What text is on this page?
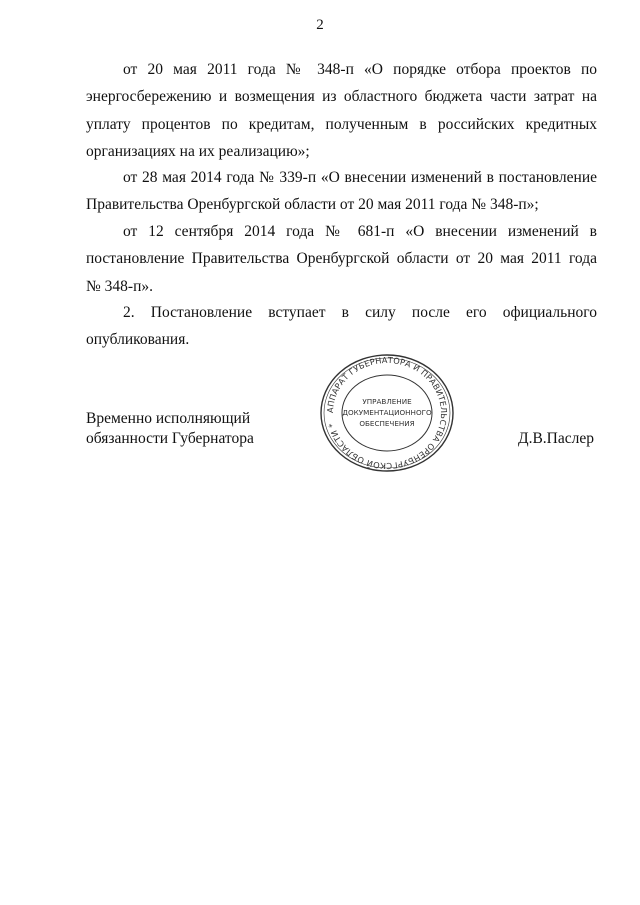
2
от 20 мая 2011 года № 348-п «О порядке отбора проектов по
энергосбережению и возмещения из областного бюджета части затрат на
уплату процентов по кредитам, полученным в российских кредитных
организациях на их реализацию»;
от 28 мая 2014 года № 339-п «О внесении изменений в постановление
Правительства Оренбургской области от 20 мая 2011 года № 348-п»;
от 12 сентября 2014 года № 681-п «О внесении изменений в
постановление Правительства Оренбургской области от 20 мая 2011 года
№ 348-п».
2. Постановление вступает в силу после его официального
опубликования.
Временно исполняющий
обязанности Губернатора	Д.В.Паслер
АППАРАТ ГУБЕРНАТОРА И ПРАВИТЕЛЬСТВА ОРЕНБУРГСКОЙ ОБЛАСТИ *
УПРАВЛЕНИЕ
ДОКУМЕНТАЦИОННОГО
ОБЕСПЕЧЕНИЯ
